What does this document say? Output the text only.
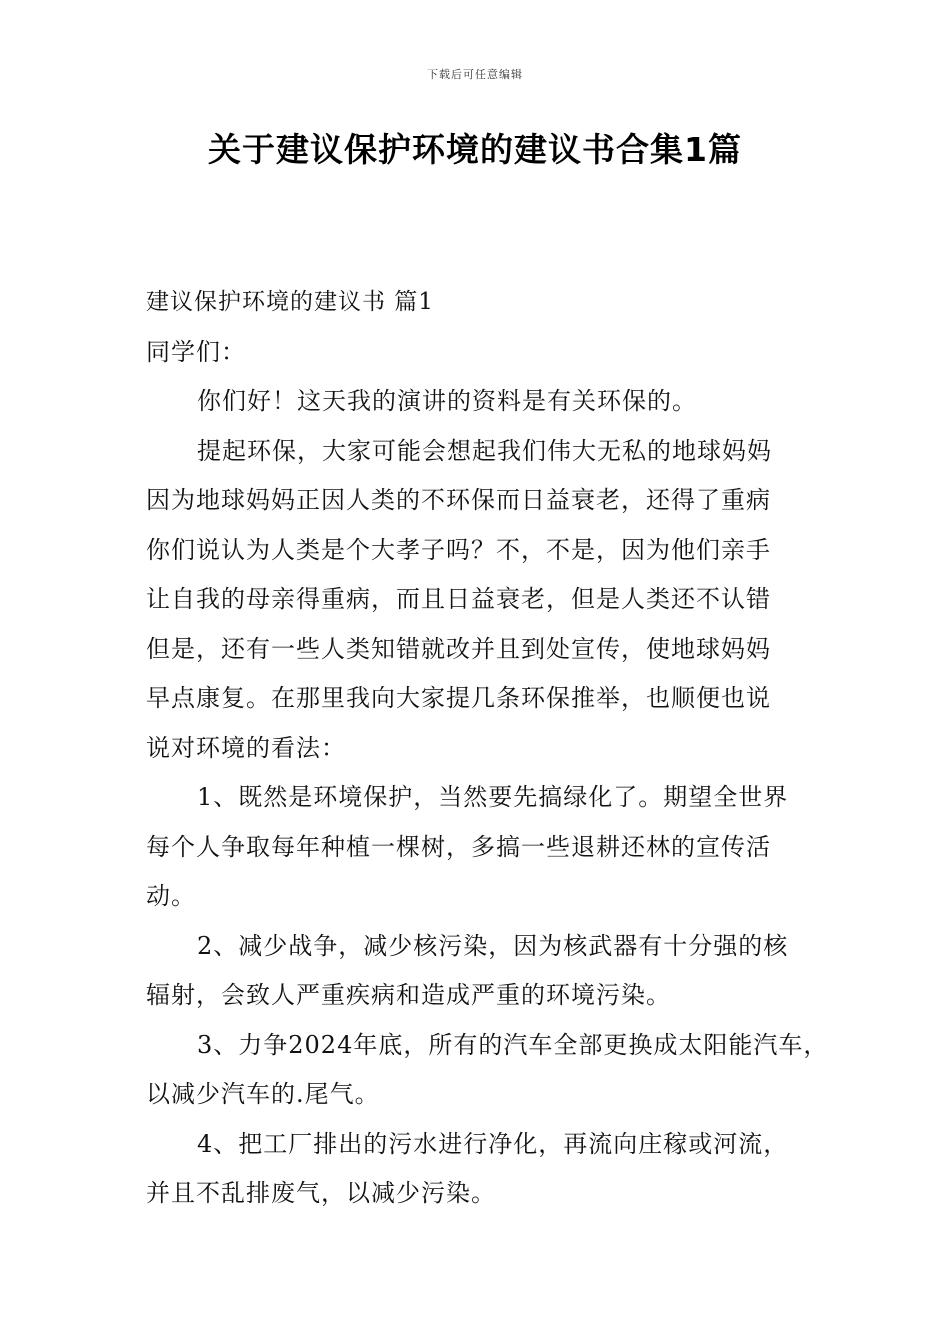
下载后可任意编辑
关于建议保护环境的建议书合集1篇

建议保护环境的建议书 篇1

同学们：

你们好！这天我的演讲的资料是有关环保的。

提起环保，大家可能会想起我们伟大无私的地球妈妈

因为地球妈妈正因人类的不环保而日益衰老，还得了重病

你们说认为人类是个大孝子吗？不，不是，因为他们亲手

让自我的母亲得重病，而且日益衰老，但是人类还不认错

但是，还有一些人类知错就改并且到处宣传，使地球妈妈

早点康复。在那里我向大家提几条环保推举，也顺便也说

说对环境的看法：

1、既然是环境保护，当然要先搞绿化了。期望全世界

每个人争取每年种植一棵树，多搞一些退耕还林的宣传活

动。

2、减少战争，减少核污染，因为核武器有十分强的核

辐射，会致人严重疾病和造成严重的环境污染。

3、力争2024年底，所有的汽车全部更换成太阳能汽车，

以减少汽车的.尾气。

4、把工厂排出的污水进行净化，再流向庄稼或河流，

并且不乱排废气，以减少污染。
